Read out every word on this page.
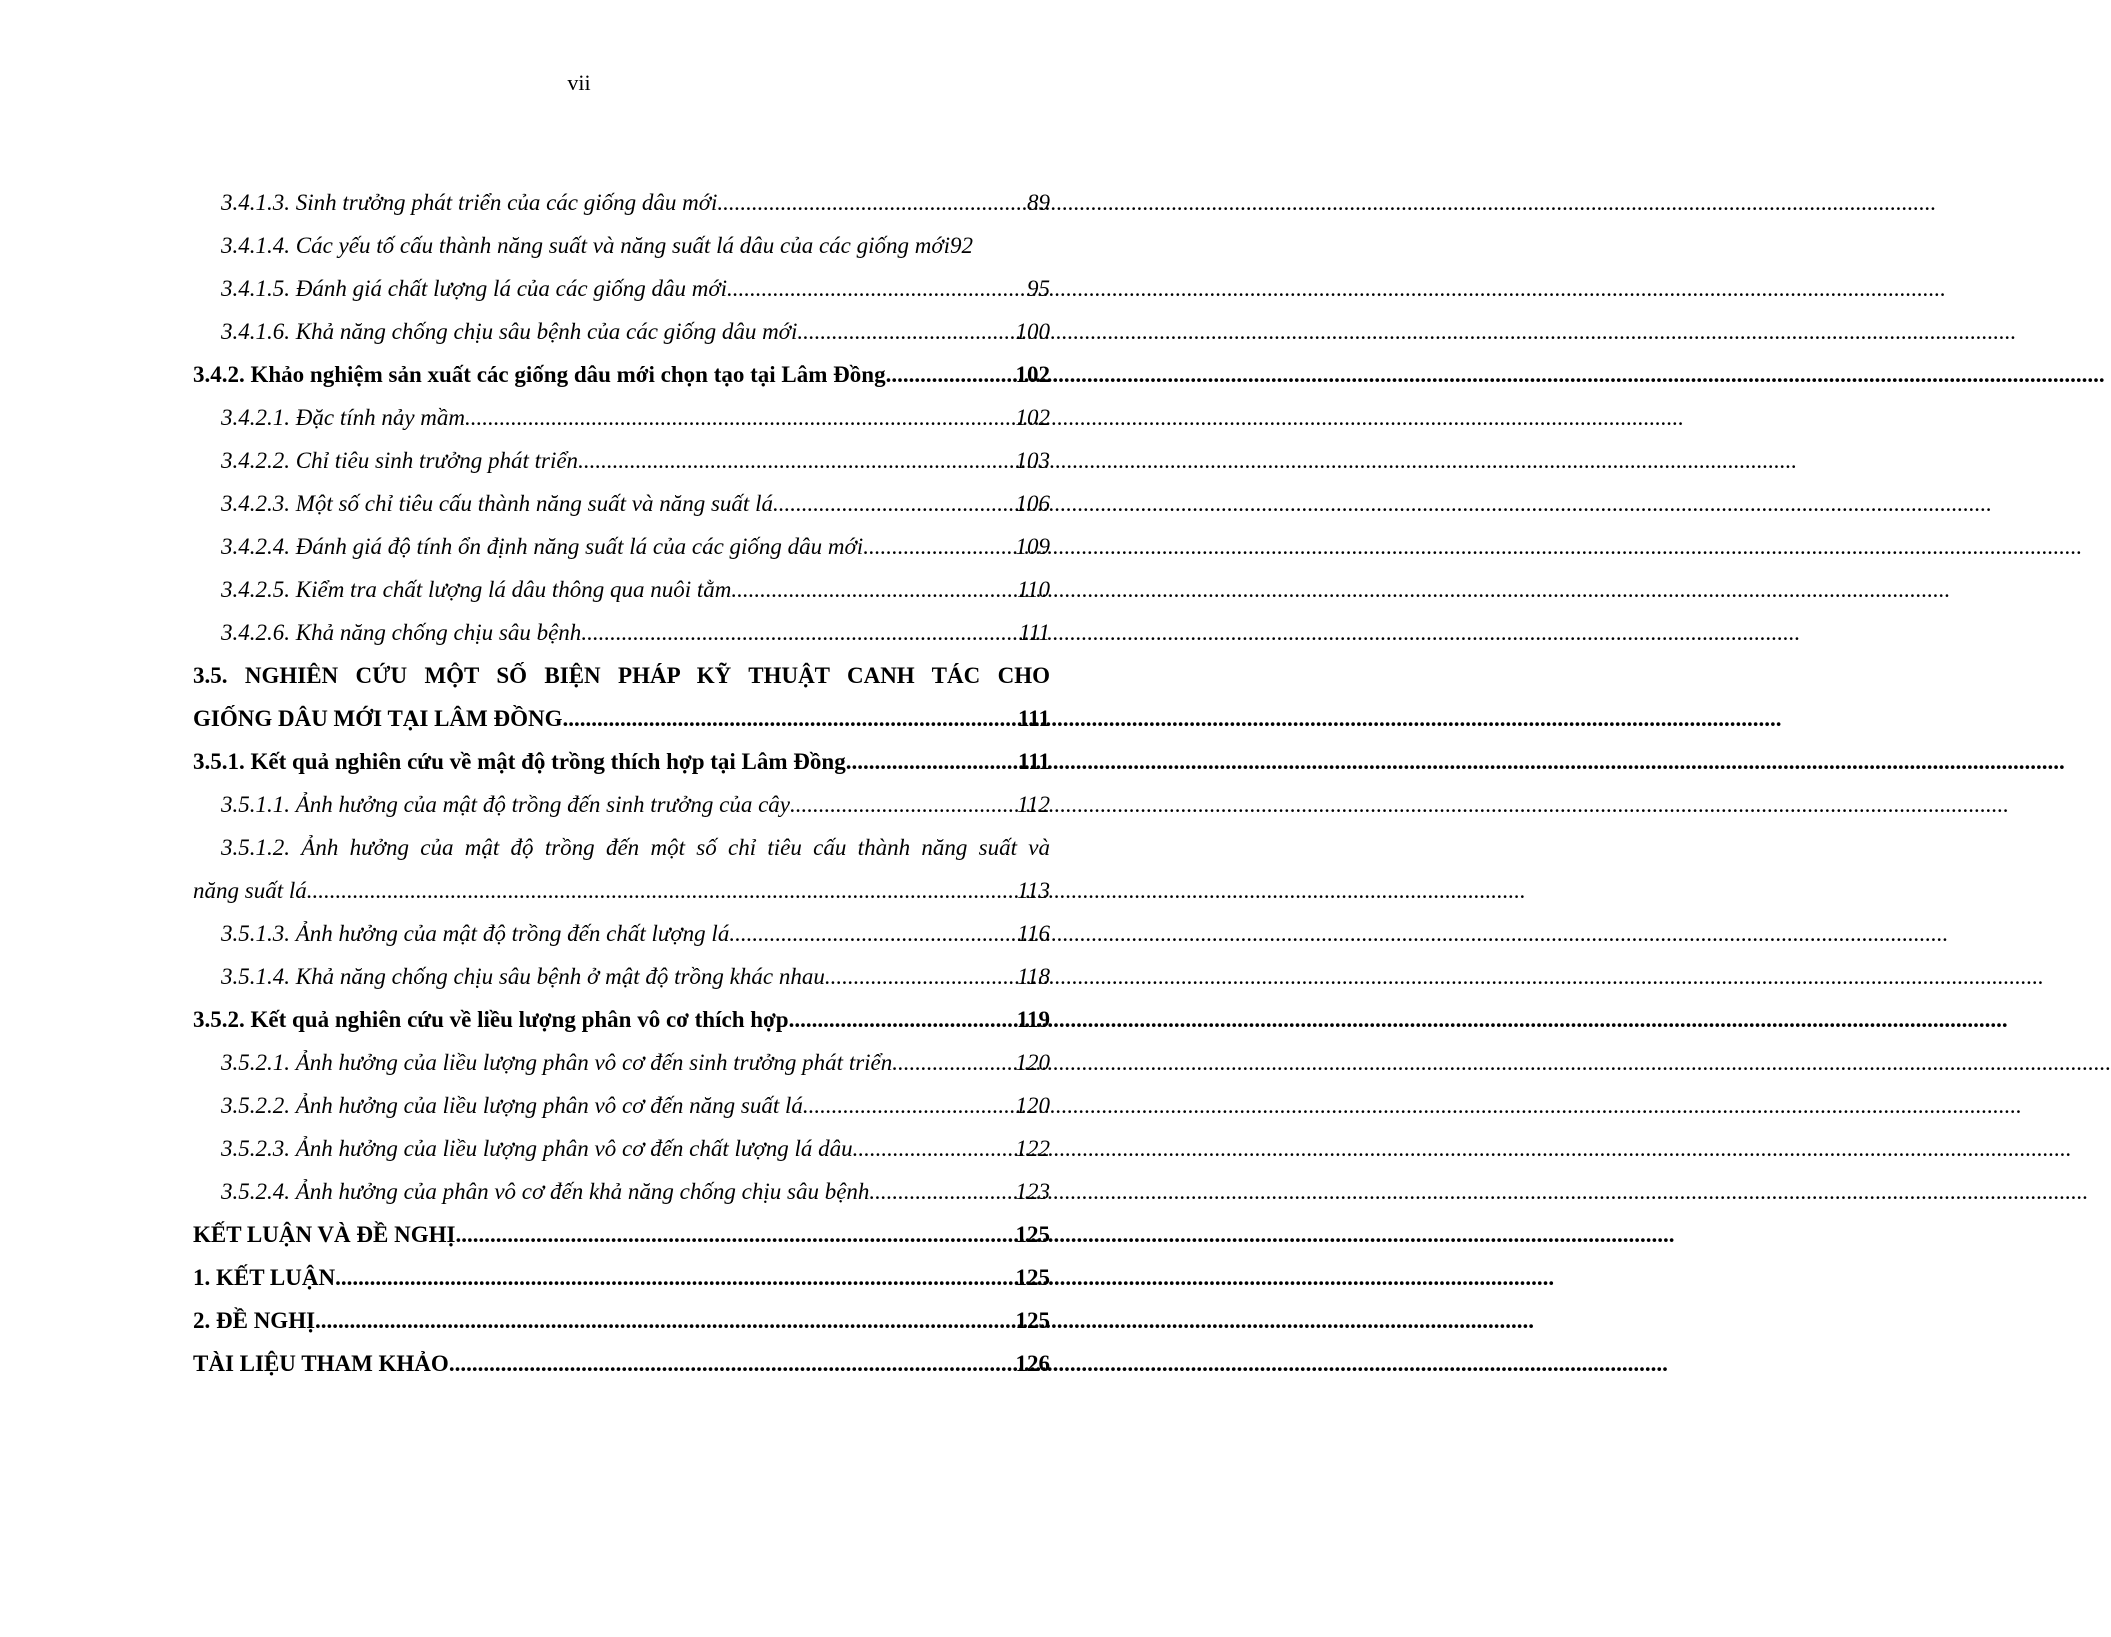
vii
3.4.1.3. Sinh trưởng phát triển của các giống dâu mới .....	89
3.4.1.4. Các yếu tố cấu thành năng suất và năng suất lá dâu của các giống mới 92
3.4.1.5. Đánh giá chất lượng lá của các giống dâu mới .....	95
3.4.1.6. Khả năng chống chịu sâu bệnh của các giống dâu mới .....	100
3.4.2. Khảo nghiệm sản xuất các giống dâu mới chọn tạo tại Lâm Đồng .....	102
3.4.2.1. Đặc tính nảy mầm .....	102
3.4.2.2. Chỉ tiêu sinh trưởng phát triển .....	103
3.4.2.3. Một số chỉ tiêu cấu thành năng suất và năng suất lá .....	106
3.4.2.4. Đánh giá độ tính ổn định năng suất lá của các giống dâu mới .....	109
3.4.2.5. Kiểm tra chất lượng lá dâu thông qua nuôi tằm .....	110
3.4.2.6. Khả năng chống chịu sâu bệnh .....	111
3.5. NGHIÊN CỨU MỘT SỐ BIỆN PHÁP KỸ THUẬT CANH TÁC CHO
GIỐNG DÂU MỚI TẠI LÂM ĐỒNG .....	111
3.5.1. Kết quả nghiên cứu về mật độ trồng thích hợp tại Lâm Đồng .....	111
3.5.1.1. Ảnh hưởng của mật độ trồng đến sinh trưởng của cây .....	112
3.5.1.2. Ảnh hưởng của mật độ trồng đến một số chỉ tiêu cấu thành năng suất và
năng suất lá .....	113
3.5.1.3. Ảnh hưởng của mật độ trồng đến chất lượng lá .....	116
3.5.1.4. Khả năng chống chịu sâu bệnh ở mật độ trồng khác nhau .....	118
3.5.2. Kết quả nghiên cứu về liều lượng phân vô cơ thích hợp .....	119
3.5.2.1. Ảnh hưởng của liều lượng phân vô cơ đến sinh trưởng phát triển .....	120
3.5.2.2. Ảnh hưởng của liều lượng phân vô cơ đến năng suất lá .....	120
3.5.2.3. Ảnh hưởng của liều lượng phân vô cơ đến chất lượng lá dâu .....	122
3.5.2.4. Ảnh hưởng của phân vô cơ đến khả năng chống chịu sâu bệnh .....	123
KẾT LUẬN VÀ ĐỀ NGHỊ .....	125
1. KẾT LUẬN .....	125
2. ĐỀ NGHỊ .....	125
TÀI LIỆU THAM KHẢO .....	126
